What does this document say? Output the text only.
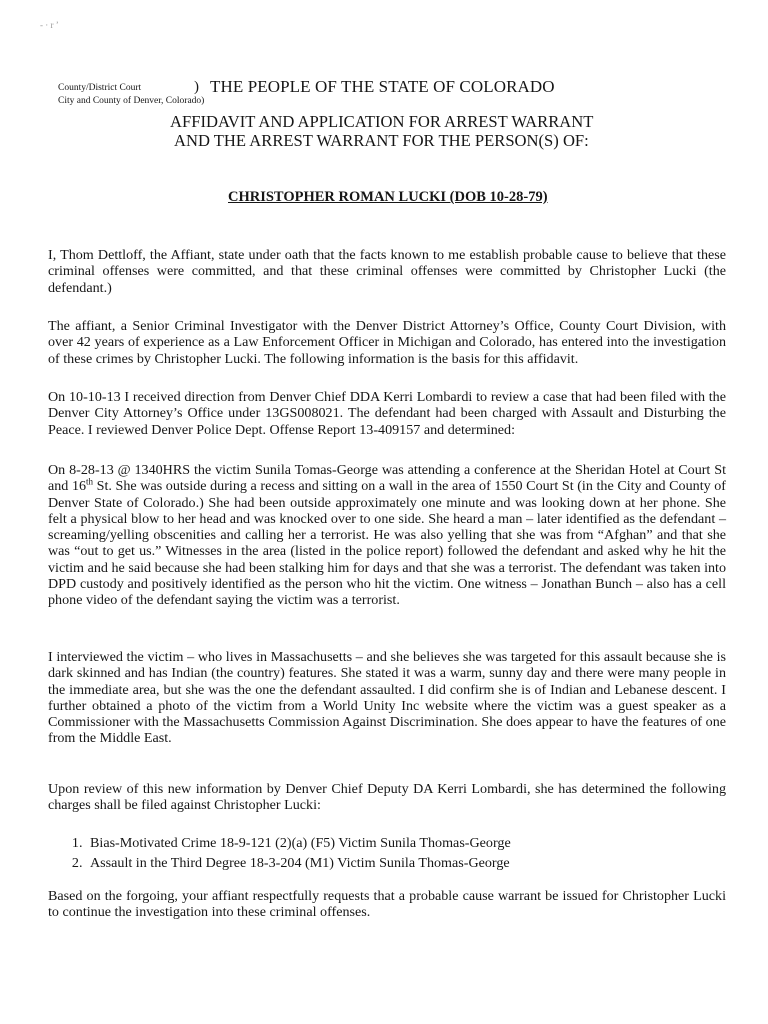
- · r ’
County/District Court
City and County of Denver, Colorado)
) THE PEOPLE OF THE STATE OF COLORADO
AFFIDAVIT AND APPLICATION FOR ARREST WARRANT
AND THE ARREST WARRANT FOR THE PERSON(S) OF:
CHRISTOPHER ROMAN LUCKI (DOB 10-28-79)
I, Thom Dettloff, the Affiant, state under oath that the facts known to me establish probable cause to believe that these criminal offenses were committed, and that these criminal offenses were committed by Christopher Lucki (the defendant.)
The affiant, a Senior Criminal Investigator with the Denver District Attorney’s Office, County Court Division, with over 42 years of experience as a Law Enforcement Officer in Michigan and Colorado, has entered into the investigation of these crimes by Christopher Lucki. The following information is the basis for this affidavit.
On 10-10-13 I received direction from Denver Chief DDA Kerri Lombardi to review a case that had been filed with the Denver City Attorney’s Office under 13GS008021. The defendant had been charged with Assault and Disturbing the Peace. I reviewed Denver Police Dept. Offense Report 13-409157 and determined:
On 8-28-13 @ 1340HRS the victim Sunila Tomas-George was attending a conference at the Sheridan Hotel at Court St and 16th St. She was outside during a recess and sitting on a wall in the area of 1550 Court St (in the City and County of Denver State of Colorado.) She had been outside approximately one minute and was looking down at her phone. She felt a physical blow to her head and was knocked over to one side. She heard a man – later identified as the defendant – screaming/yelling obscenities and calling her a terrorist. He was also yelling that she was from “Afghan” and that she was “out to get us.” Witnesses in the area (listed in the police report) followed the defendant and asked why he hit the victim and he said because she had been stalking him for days and that she was a terrorist. The defendant was taken into DPD custody and positively identified as the person who hit the victim. One witness – Jonathan Bunch – also has a cell phone video of the defendant saying the victim was a terrorist.
I interviewed the victim – who lives in Massachusetts – and she believes she was targeted for this assault because she is dark skinned and has Indian (the country) features. She stated it was a warm, sunny day and there were many people in the immediate area, but she was the one the defendant assaulted. I did confirm she is of Indian and Lebanese descent. I further obtained a photo of the victim from a World Unity Inc website where the victim was a guest speaker as a Commissioner with the Massachusetts Commission Against Discrimination. She does appear to have the features of one from the Middle East.
Upon review of this new information by Denver Chief Deputy DA Kerri Lombardi, she has determined the following charges shall be filed against Christopher Lucki:
1. Bias-Motivated Crime 18-9-121 (2)(a) (F5) Victim Sunila Thomas-George
2. Assault in the Third Degree 18-3-204 (M1) Victim Sunila Thomas-George
Based on the forgoing, your affiant respectfully requests that a probable cause warrant be issued for Christopher Lucki to continue the investigation into these criminal offenses.
